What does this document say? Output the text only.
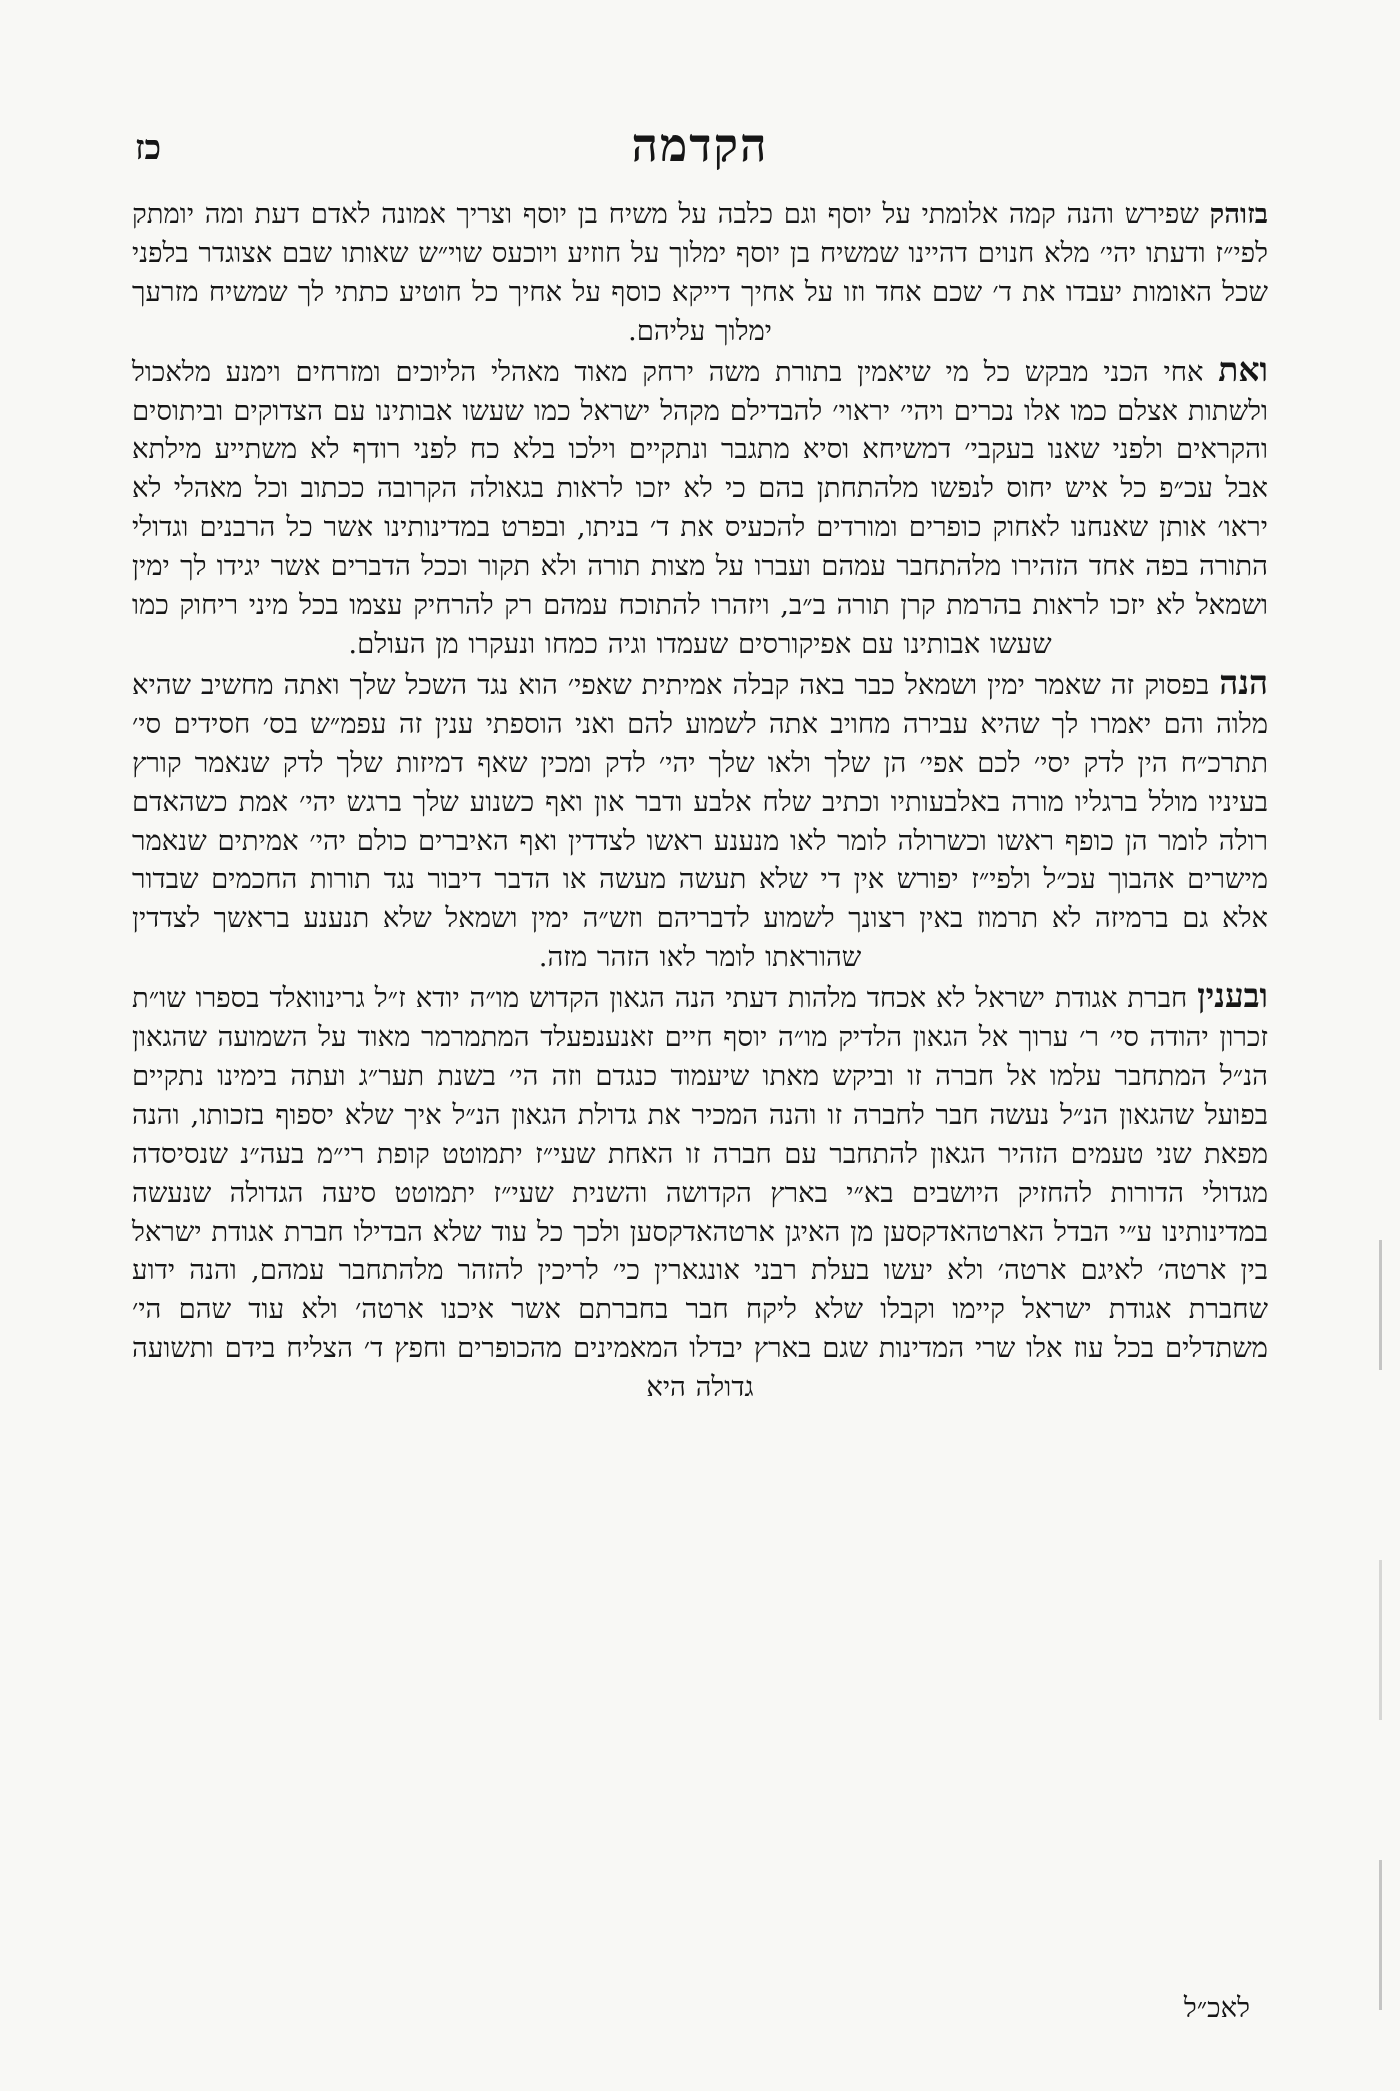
כז	הקדמה

בזוהק שפירש והנה קמה אלומתי על יוסף וגם כלבה על משיח בן יוסף וצריך אמונה לאדם דעת ומה יומתק לפי״ז ודעתו יהי׳ מלא חנוים דהיינו שמשיח בן יוסף ימלוך על חוזיע ויוכעס שוי״ש שאותו שבם אצוגדר בלפני שכל האומות יעבדו את ד׳ שכם אחד וזו על אחיך דייקא כוסף על אחיך כל חוטיע כתתי לך שמשיח מזרעך ימלוך עליהם.

ואת אחי הכני מבקש כל מי שיאמין בתורת משה ירחק מאוד מאהלי הליוכים ומזרחים וימנע מלאכול ולשתות אצלם כמו אלו נכרים ויהי׳ יראוי׳ להבדילם מקהל ישראל כמו שעשו אבותינו עם הצדוקים וביתוסים והקראים ולפני שאנו בעקבי׳ דמשיחא וסיא מתגבר ונתקיים וילכו בלא כח לפני רודף לא משתייע מילתא אבל עכ״פ כל איש יחוס לנפשו מלהתחתן בהם כי לא יזכו לראות בגאולה הקרובה ככתוב וכל מאהלי לא יראו׳ אותן שאנחנו לאחוק כופרים ומורדים להכעיס את ד׳ בניתו, ובפרט במדינותינו אשר כל הרבנים וגדולי התורה בפה אחד הזהירו מלהתחבר עמהם ועברו על מצות תורה ולא תקור וככל הדברים אשר יגידו לך ימין ושמאל לא יזכו לראות בהרמת קרן תורה ב״ב, ויזהרו להתוכח עמהם רק להרחיק עצמו בכל מיני ריחוק כמו שעשו אבותינו עם אפיקורסים שעמדו וגיה כמחו ונעקרו מן העולם.

הנה בפסוק זה שאמר ימין ושמאל כבר באה קבלה אמיתית שאפי׳ הוא נגד השכל שלך ואתה מחשיב שהיא מלוה והם יאמרו לך שהיא עבירה מחויב אתה לשמוע להם ואני הוספתי ענין זה עפמ״ש בס׳ חסידים סי׳ תתרכ״ח הין לדק יסי׳ לכם אפי׳ הן שלך ולאו שלך יהי׳ לדק ומכין שאף דמיזות שלך לדק שנאמר קורץ בעיניו מולל ברגליו מורה באלבעותיו וכתיב שלח אלבע ודבר און ואף כשנוע שלך ברגש יהי׳ אמת כשהאדם רולה לומר הן כופף ראשו וכשרולה לומר לאו מנענע ראשו לצדדין ואף האיברים כולם יהי׳ אמיתים שנאמר מישרים אהבוך עכ״ל ולפי״ז יפורש אין די שלא תעשה מעשה או הדבר דיבור נגד תורות החכמים שבדור אלא גם ברמיזה לא תרמוז באין רצונך לשמוע לדבריהם וזש״ה ימין ושמאל שלא תנענע בראשך לצדדין שהוראתו לומר לאו הזהר מזה.

ובענין חברת אגודת ישראל לא אכחד מלהות דעתי הנה הגאון הקדוש מו״ה יודא ז״ל גרינוואלד בספרו שו״ת זכרון יהודה סי׳ ר׳ ערוך אל הגאון הלדיק מו״ה יוסף חיים זאנענפעלד המתמרמר מאוד על השמועה שהגאון הנ״ל המתחבר עלמו אל חברה זו וביקש מאתו שיעמוד כנגדם וזה הי׳ בשנת תער״ג ועתה בימינו נתקיים בפועל שהגאון הנ״ל נעשה חבר לחברה זו והנה המכיר את גדולת הגאון הנ״ל איך שלא יספוף בזכותו, והנה מפאת שני טעמים הזהיר הגאון להתחבר עם חברה זו האחת שעי״ז יתמוטט קופת רי״מ בעה״נ שנסיסדה מגדולי הדורות להחזיק היושבים בא״י בארץ הקדושה והשנית שעי״ז יתמוטט סיעה הגדולה שנעשה במדינותינו ע״י הבדל הארטהאדקסען מן האיגן ארטהאדקסען ולכך כל עוד שלא הבדילו חברת אגודת ישראל בין ארטה׳ לאיגם ארטה׳ ולא יעשו בעלת רבני אונגארין כי׳ לריכין להזהר מלהתחבר עמהם, והנה ידוע שחברת אגודת ישראל קיימו וקבלו שלא ליקח חבר בחברתם אשר איכנו ארטה׳ ולא עוד שהם הי׳ משתדלים בכל עוז אלו שרי המדינות שגם בארץ יבדלו המאמינים מהכופרים וחפץ ד׳ הצליח בידם ותשועה גדולה היא

לאכ״ל
